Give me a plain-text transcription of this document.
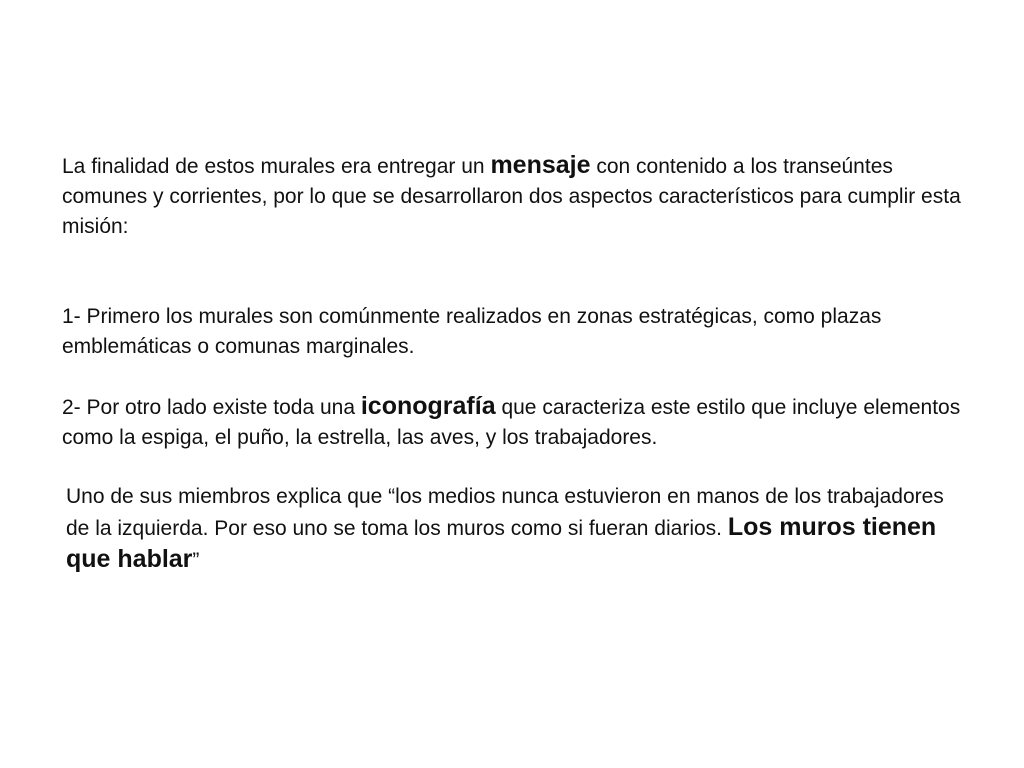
La finalidad de estos murales era entregar un mensaje con contenido a los transeúntes comunes y corrientes, por lo que se desarrollaron dos aspectos característicos para cumplir esta misión:

1- Primero los murales son comúnmente realizados en zonas estratégicas, como plazas emblemáticas o comunas marginales.

2- Por otro lado existe toda una iconografía que caracteriza este estilo que incluye elementos como la espiga, el puño, la estrella, las aves, y los trabajadores.

Uno de sus miembros explica que “los medios nunca estuvieron en manos de los trabajadores de la izquierda. Por eso uno se toma los muros como si fueran diarios. Los muros tienen que hablar”
